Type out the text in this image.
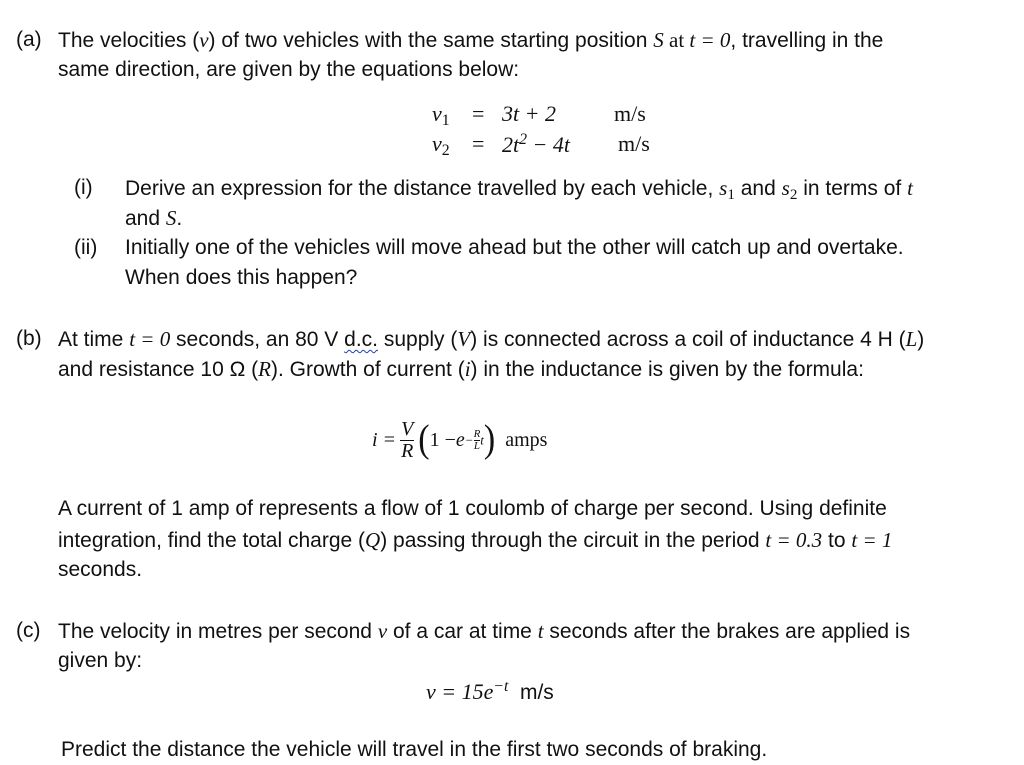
(a) The velocities (v) of two vehicles with the same starting position S at t = 0, travelling in the
same direction, are given by the equations below:
$v_1 = 3t + 2$	m/s
$v_2 = 2t^2 - 4t$ m/s
(i) Derive an expression for the distance travelled by each vehicle, $s_1$ and $s_2$ in terms of t
and S.
(ii) Initially one of the vehicles will move ahead but the other will catch up and overtake.
When does this happen?
(b) At time t = 0 seconds, an 80 V d.c. supply (V) is connected across a coil of inductance 4 H (L)
and resistance 10 Ω (R). Growth of current (i) in the inductance is given by the formula:
$i = \frac{V}{R}$ ( $1 - e - \frac{R}{L}$ t ) amps
A current of 1 amp of represents a flow of 1 coulomb of charge per second. Using definite
integration, find the total charge (Q) passing through the circuit in the period t = 0.3 to t = 1
seconds.
(c) The velocity in metres per second v of a car at time t seconds after the brakes are applied is
given by:
$v = 15e^{-t}$ m/s
Predict the distance the vehicle will travel in the first two seconds of braking.
